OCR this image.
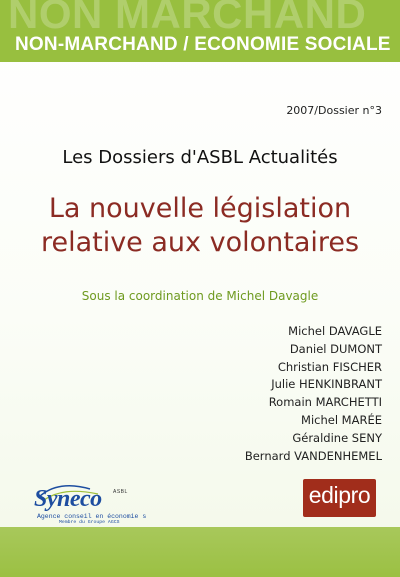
NON MARCHAND
NON-MARCHAND / ECONOMIE SOCIALE
2007/Dossier n°3
Les Dossiers d'ASBL Actualités
La nouvelle législation
relative aux volontaires
Sous la coordination de Michel Davagle
Michel DAVAGLE
Daniel DUMONT
Christian FISCHER
Julie HENKINBRANT
Romain MARCHETTI
Michel MARÉE
Géraldine SENY
Bernard VANDENHEMEL
Syneco ASBL
Agence conseil en économie s
Membre du Groupe AGCS
edipro
